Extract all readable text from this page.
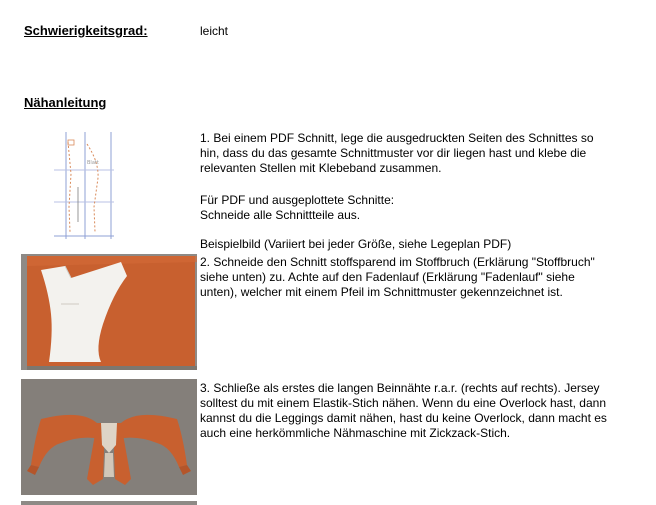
Schwierigkeitsgrad:	leicht
Nähanleitung
Blatt
1. Bei einem PDF Schnitt, lege die ausgedruckten Seiten des Schnittes so hin, dass du das gesamte Schnittmuster vor dir liegen hast und klebe die relevanten Stellen mit Klebeband zusammen.
Für PDF und ausgeplottete Schnitte:
Schneide alle Schnittteile aus.
Beispielbild (Variiert bei jeder Größe, siehe Legeplan PDF)
2. Schneide den Schnitt stoffsparend im Stoffbruch (Erklärung "Stoffbruch" siehe unten) zu. Achte auf den Fadenlauf (Erklärung "Fadenlauf" siehe unten), welcher mit einem Pfeil im Schnittmuster gekennzeichnet ist.
3. Schließe als erstes die langen Beinnähte r.a.r. (rechts auf rechts). Jersey solltest du mit einem Elastik-Stich nähen. Wenn du eine Overlock hast, dann kannst du die Leggings damit nähen, hast du keine Overlock, dann macht es auch eine herkömmliche Nähmaschine mit Zickzack-Stich.
